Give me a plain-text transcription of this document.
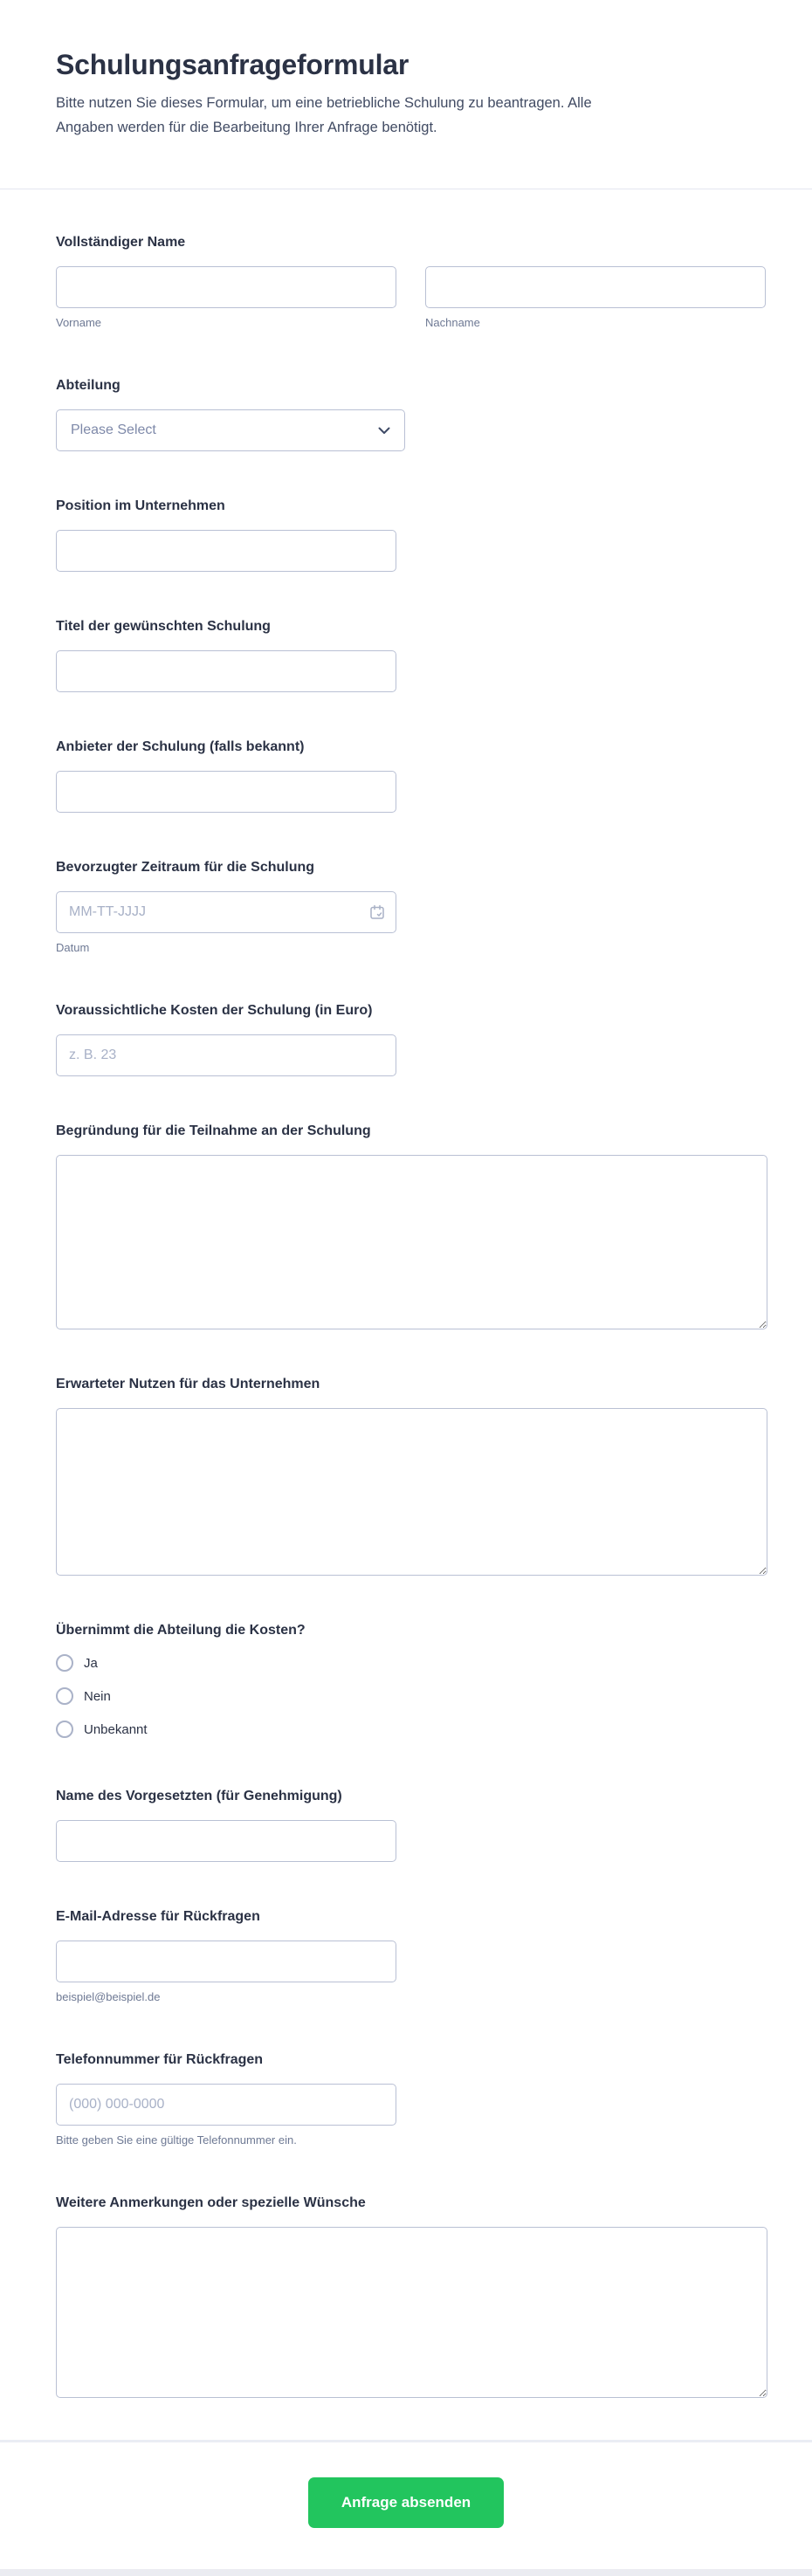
Schulungsanfrageformular
Bitte nutzen Sie dieses Formular, um eine betriebliche Schulung zu beantragen. Alle
Angaben werden für die Bearbeitung Ihrer Anfrage benötigt.
Vollständiger Name
Vorname	Nachname
Abteilung
Please Select
Position im Unternehmen
Titel der gewünschten Schulung
Anbieter der Schulung (falls bekannt)
Bevorzugter Zeitraum für die Schulung
MM-TT-JJJJ
Datum
Voraussichtliche Kosten der Schulung (in Euro)
z. B. 23
Begründung für die Teilnahme an der Schulung
Erwarteter Nutzen für das Unternehmen
Übernimmt die Abteilung die Kosten?
Ja
Nein
Unbekannt
Name des Vorgesetzten (für Genehmigung)
E-Mail-Adresse für Rückfragen
beispiel@beispiel.de
Telefonnummer für Rückfragen
(000) 000-0000
Bitte geben Sie eine gültige Telefonnummer ein.
Weitere Anmerkungen oder spezielle Wünsche
Anfrage absenden
